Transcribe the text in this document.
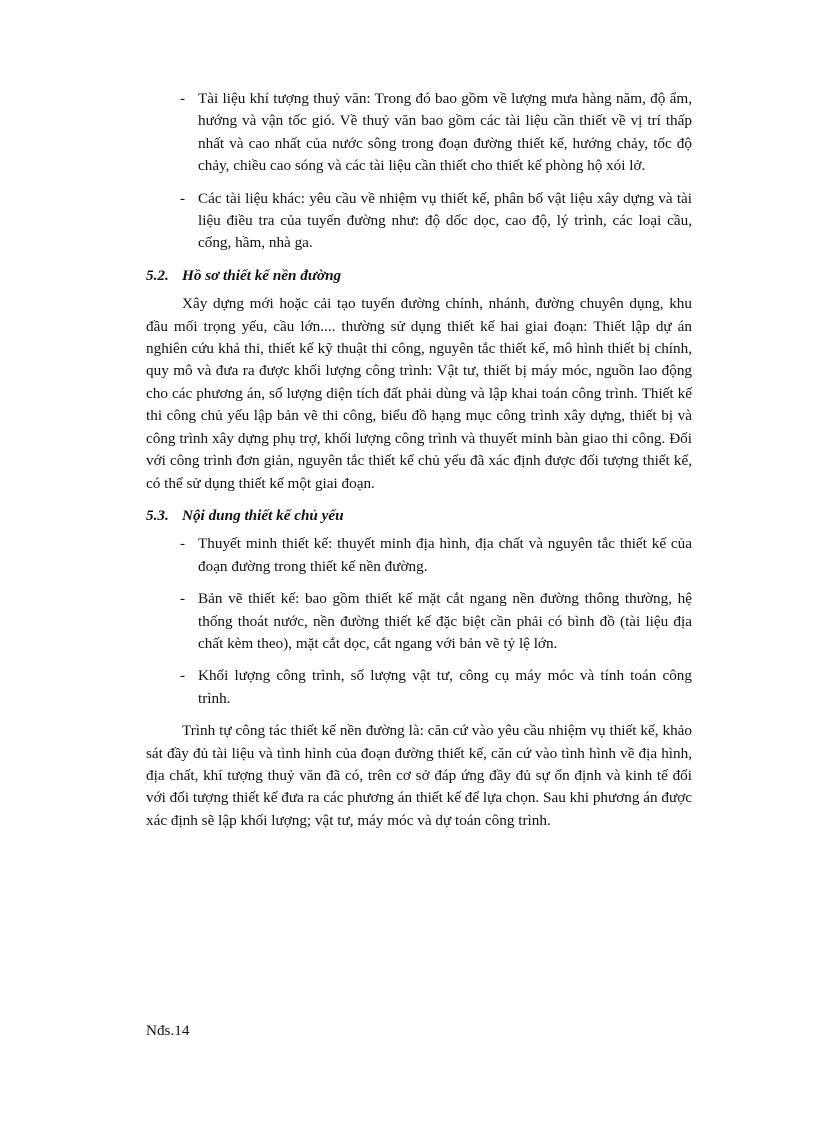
- Tài liệu khí tượng thuỷ văn: Trong đó bao gồm về lượng mưa hàng năm, độ ẩm, hướng và vận tốc gió. Về thuỷ văn bao gồm các tài liệu cần thiết về vị trí thấp nhất và cao nhất của nước sông trong đoạn đường thiết kế, hướng chảy, tốc độ chảy, chiều cao sóng và các tài liệu cần thiết cho thiết kế phòng hộ xói lở.
- Các tài liệu khác: yêu cầu về nhiệm vụ thiết kế, phân bố vật liệu xây dựng và tài liệu điều tra của tuyến đường như: độ dốc dọc, cao độ, lý trình, các loại cầu, cống, hầm, nhà ga.
5.2. Hồ sơ thiết kế nền đường

Xây dựng mới hoặc cải tạo tuyến đường chính, nhánh, đường chuyên dụng, khu đầu mối trọng yếu, cầu lớn.... thường sử dụng thiết kế hai giai đoạn: Thiết lập dự án nghiên cứu khả thi, thiết kế kỹ thuật thi công, nguyên tắc thiết kế, mô hình thiết bị chính, quy mô và đưa ra được khối lượng công trình: Vật tư, thiết bị máy móc, nguồn lao động cho các phương án, số lượng diện tích đất phải dùng và lập khai toán công trình. Thiết kế thi công chủ yếu lập bản vẽ thi công, biểu đồ hạng mục công trình xây dựng, thiết bị và công trình xây dựng phụ trợ, khối lượng công trình và thuyết minh bàn giao thi công. Đối với công trình đơn giản, nguyên tắc thiết kế chủ yếu đã xác định được đối tượng thiết kế, có thể sử dụng thiết kế một giai đoạn.

5.3. Nội dung thiết kế chủ yếu
- Thuyết minh thiết kế: thuyết minh địa hình, địa chất và nguyên tắc thiết kế của đoạn đường trong thiết kế nền đường.
- Bản vẽ thiết kế: bao gồm thiết kế mặt cắt ngang nền đường thông thường, hệ thống thoát nước, nền đường thiết kế đặc biệt cần phải có bình đồ (tài liệu địa chất kèm theo), mặt cắt dọc, cắt ngang với bản vẽ tỷ lệ lớn.
- Khối lượng công trình, số lượng vật tư, công cụ máy móc và tính toán công trình.

Trình tự công tác thiết kế nền đường là: căn cứ vào yêu cầu nhiệm vụ thiết kế, khảo sát đầy đủ tài liệu và tình hình của đoạn đường thiết kế, căn cứ vào tình hình về địa hình, địa chất, khí tượng thuỷ văn đã có, trên cơ sở đáp ứng đầy đủ sự ổn định và kinh tế đối với đối tượng thiết kế đưa ra các phương án thiết kế để lựa chọn. Sau khi phương án được xác định sẽ lập khối lượng; vật tư, máy móc và dự toán công trình.

Nđs.14
